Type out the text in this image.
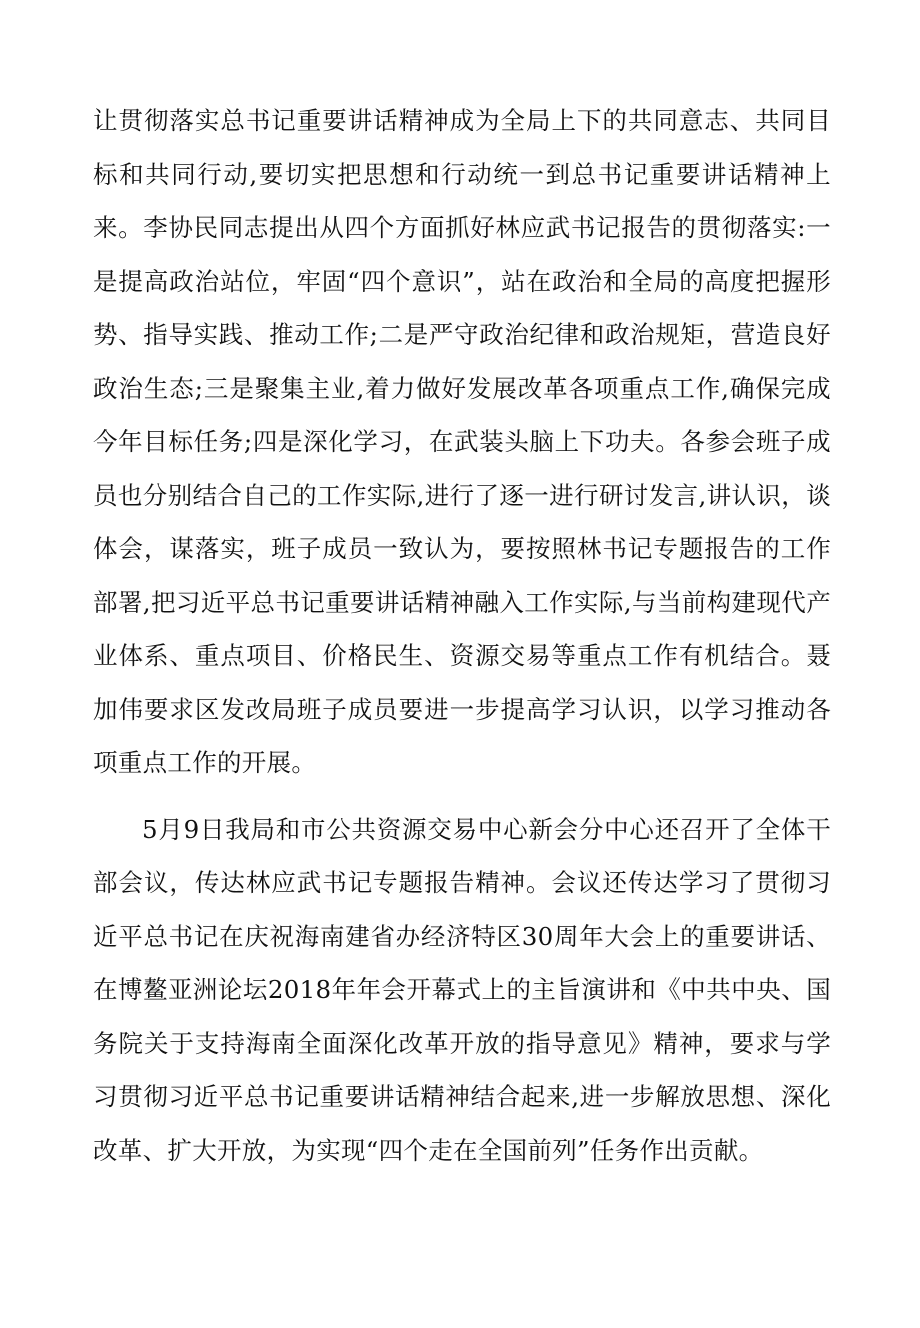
让贯彻落实总书记重要讲话精神成为全局上下的共同意志、共同目标和共同行动,要切实把思想和行动统一到总书记重要讲话精神上来。李协民同志提出从四个方面抓好林应武书记报告的贯彻落实:一是提高政治站位，牢固“四个意识”，站在政治和全局的高度把握形势、指导实践、推动工作;二是严守政治纪律和政治规矩，营造良好政治生态;三是聚集主业,着力做好发展改革各项重点工作,确保完成今年目标任务;四是深化学习，在武装头脑上下功夫。各参会班子成员也分别结合自己的工作实际,进行了逐一进行研讨发言,讲认识，谈体会，谋落实，班子成员一致认为，要按照林书记专题报告的工作部署,把习近平总书记重要讲话精神融入工作实际,与当前构建现代产业体系、重点项目、价格民生、资源交易等重点工作有机结合。聂加伟要求区发改局班子成员要进一步提高学习认识，以学习推动各项重点工作的开展。

5月9日我局和市公共资源交易中心新会分中心还召开了全体干部会议，传达林应武书记专题报告精神。会议还传达学习了贯彻习近平总书记在庆祝海南建省办经济特区30周年大会上的重要讲话、在博鳌亚洲论坛2018年年会开幕式上的主旨演讲和《中共中央、国务院关于支持海南全面深化改革开放的指导意见》精神，要求与学习贯彻习近平总书记重要讲话精神结合起来,进一步解放思想、深化改革、扩大开放，为实现“四个走在全国前列”任务作出贡献。
